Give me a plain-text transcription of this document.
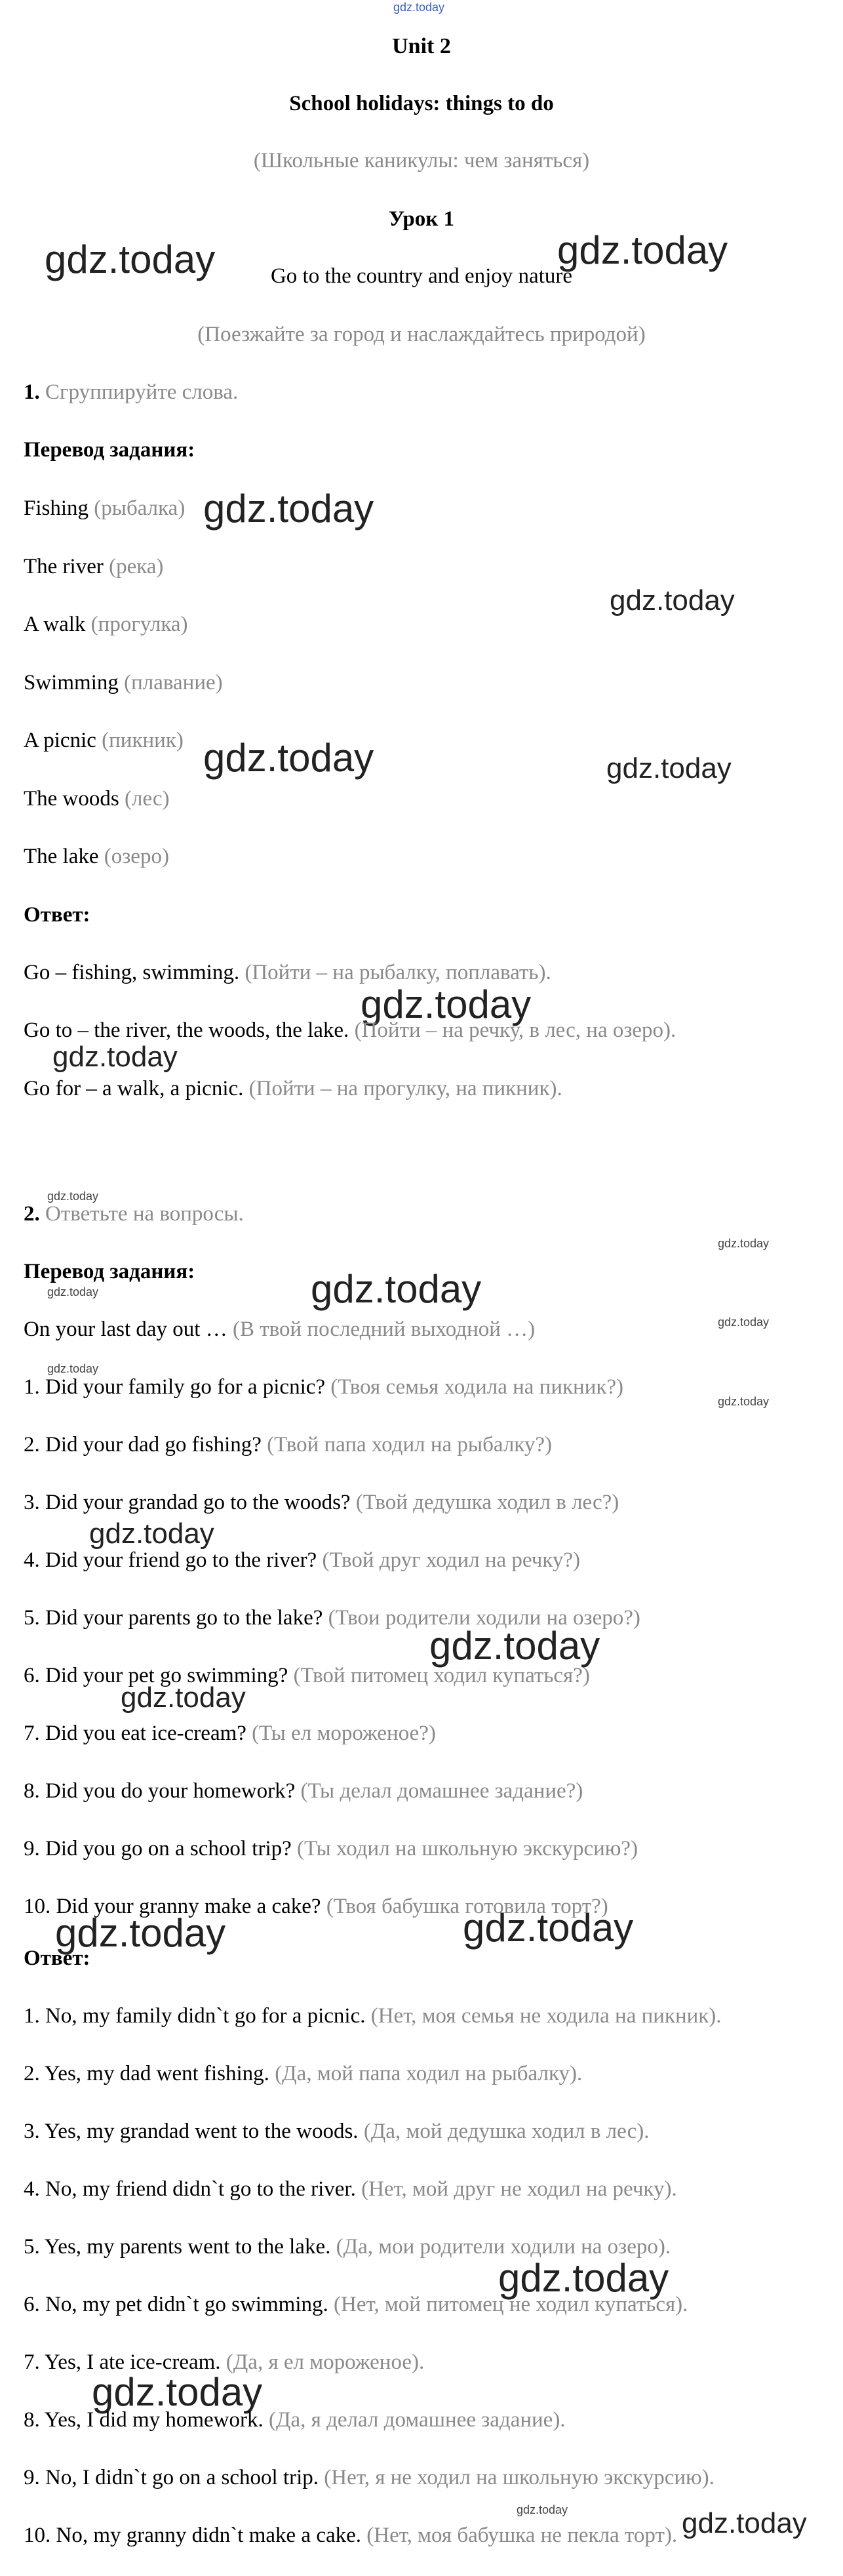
gdz.today
gdz.today	gdz.today
gdz.today
gdz.today
gdz.today	gdz.today
gdz.today
gdz.today
gdz.today
gdz.today
gdz.today
gdz.today
gdz.today
gdz.today
gdz.today
gdz.today
gdz.today
gdz.today
gdz.today	gdz.today
gdz.today
gdz.today
gdz.today	gdz.today
Unit 2
School holidays: things to do
(Школьные каникулы: чем заняться)
Урок 1
Go to the country and enjoy nature
(Поезжайте за город и наслаждайтесь природой)
1. Сгруппируйте слова.
Перевод задания:
Fishing (рыбалка)
The river (река)
A walk (прогулка)
Swimming (плавание)
A picnic (пикник)
The woods (лес)
The lake (озеро)
Ответ:
Go – fishing, swimming. (Пойти – на рыбалку, поплавать).
Go to – the river, the woods, the lake. (Пойти – на речку, в лес, на озеро).
Go for – a walk, a picnic. (Пойти – на прогулку, на пикник).
2. Ответьте на вопросы.
Перевод задания:
On your last day out … (В твой последний выходной …)
1. Did your family go for a picnic? (Твоя семья ходила на пикник?)
2. Did your dad go fishing? (Твой папа ходил на рыбалку?)
3. Did your grandad go to the woods? (Твой дедушка ходил в лес?)
4. Did your friend go to the river? (Твой друг ходил на речку?)
5. Did your parents go to the lake? (Твои родители ходили на озеро?)
6. Did your pet go swimming? (Твой питомец ходил купаться?)
7. Did you eat ice-cream? (Ты ел мороженое?)
8. Did you do your homework? (Ты делал домашнее задание?)
9. Did you go on a school trip? (Ты ходил на школьную экскурсию?)
10. Did your granny make a cake? (Твоя бабушка готовила торт?)
Ответ:
1. No, my family didn`t go for a picnic. (Нет, моя семья не ходила на пикник).
2. Yes, my dad went fishing. (Да, мой папа ходил на рыбалку).
3. Yes, my grandad went to the woods. (Да, мой дедушка ходил в лес).
4. No, my friend didn`t go to the river. (Нет, мой друг не ходил на речку).
5. Yes, my parents went to the lake. (Да, мои родители ходили на озеро).
6. No, my pet didn`t go swimming. (Нет, мой питомец не ходил купаться).
7. Yes, I ate ice-cream. (Да, я ел мороженое).
8. Yes, I did my homework. (Да, я делал домашнее задание).
9. No, I didn`t go on a school trip. (Нет, я не ходил на школьную экскурсию).
10. No, my granny didn`t make a cake. (Нет, моя бабушка не пекла торт).
